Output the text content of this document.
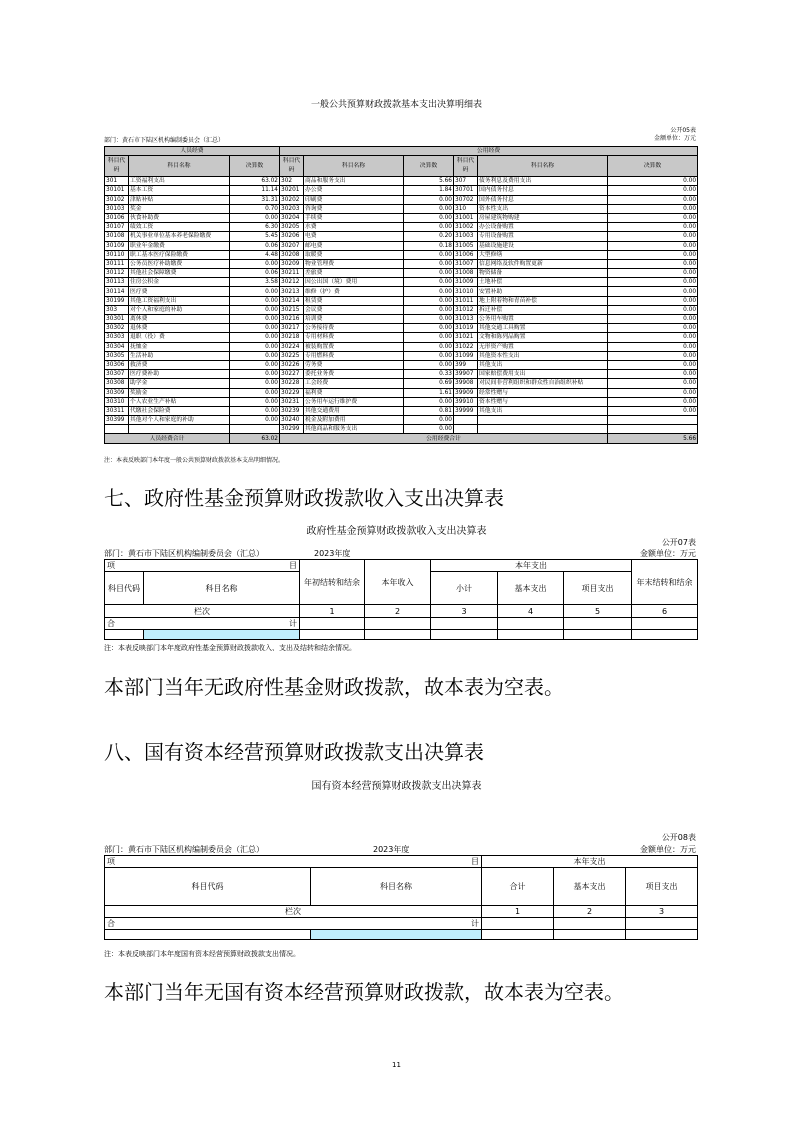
一般公共预算财政拨款基本支出决算明细表
公开05表
金额单位：万元
部门：黄石市下陆区机构编制委员会（汇总）
人员经费			公用经费					
科目代码	科目名称	决算数	科目代码	科目名称	决算数	科目代码	科目名称	决算数
301	工资福利支出	63.02	302	商品和服务支出	5.66	307	债务利息及费用支出	0.00
30101	基本工资	11.14	30201	办公费	1.84	30701	国内债务付息	0.00
30102	津贴补贴	31.31	30202	印刷费	0.00	30702	国外债务付息	0.00
30103	奖金	0.70	30203	咨询费	0.00	310	资本性支出	0.00
30106	伙食补助费	0.00	30204	手续费	0.00	31001	房屋建筑物购建	0.00
30107	绩效工资	6.30	30205	水费	0.00	31002	办公设备购置	0.00
30108	机关事业单位基本养老保险缴费	5.45	30206	电费	0.20	31003	专用设备购置	0.00
30109	职业年金缴费	0.06	30207	邮电费	0.18	31005	基础设施建设	0.00
30110	职工基本医疗保险缴费	4.48	30208	取暖费	0.00	31006	大型修缮	0.00
30111	公务员医疗补助缴费	0.00	30209	物业管理费	0.00	31007	信息网络及软件购置更新	0.00
30112	其他社会保障缴费	0.06	30211	差旅费	0.00	31008	物资储备	0.00
30113	住房公积金	3.58	30212	因公出国（境）费用	0.00	31009	土地补偿	0.00
30114	医疗费	0.00	30213	维修（护）费	0.00	31010	安置补助	0.00
30199	其他工资福利支出	0.00	30214	租赁费	0.00	31011	地上附着物和青苗补偿	0.00
303	对个人和家庭的补助	0.00	30215	会议费	0.00	31012	拆迁补偿	0.00
30301	离休费	0.00	30216	培训费	0.00	31013	公务用车购置	0.00
30302	退休费	0.00	30217	公务接待费	0.00	31019	其他交通工具购置	0.00
30303	退职（役）费	0.00	30218	专用材料费	0.00	31021	文物和陈列品购置	0.00
30304	抚恤金	0.00	30224	被装购置费	0.00	31022	无形资产购置	0.00
30305	生活补助	0.00	30225	专用燃料费	0.00	31099	其他资本性支出	0.00
30306	救济费	0.00	30226	劳务费	0.00	399	其他支出	0.00
30307	医疗费补助	0.00	30227	委托业务费	0.33	39907	国家赔偿费用支出	0.00
30308	助学金	0.00	30228	工会经费	0.69	39908	对民间非营利组织和群众性自治组织补贴	0.00
30309	奖励金	0.00	30229	福利费	1.61	39909	经常性赠与	0.00
30310	个人农业生产补贴	0.00	30231	公务用车运行维护费	0.00	39910	资本性赠与	0.00
30311	代缴社会保险费	0.00	30239	其他交通费用	0.81	39999	其他支出	0.00
30399	其他对个人和家庭的补助	0.00	30240	税金及附加费用	0.00			
			30299	其他商品和服务支出	0.00			
人员经费合计		63.02	公用经费合计					5.66
注：本表反映部门本年度一般公共预算财政拨款基本支出明细情况。
七、政府性基金预算财政拨款收入支出决算表
政府性基金预算财政拨款收入支出决算表
公开07表
部门：黄石市下陆区机构编制委员会（汇总）	2023年度	金额单位：万元
项 目		年初结转和结余	本年收入	本年支出			年末结转和结余
科目代码	科目名称			小计	基本支出	项目支出	
栏次		1	2	3	4	5	6
合 计							

注：本表反映部门本年度政府性基金预算财政拨款收入、支出及结转和结余情况。
本部门当年无政府性基金财政拨款，故本表为空表。
八、国有资本经营预算财政拨款支出决算表
国有资本经营预算财政拨款支出决算表
公开08表
部门：黄石市下陆区机构编制委员会（汇总）	2023年度	金额单位：万元
项 目		本年支出		
科目代码	科目名称	合计	基本支出	项目支出
栏次		1	2	3
合 计				

注：本表反映部门本年度国有资本经营预算财政拨款支出情况。
本部门当年无国有资本经营预算财政拨款，故本表为空表。
11
